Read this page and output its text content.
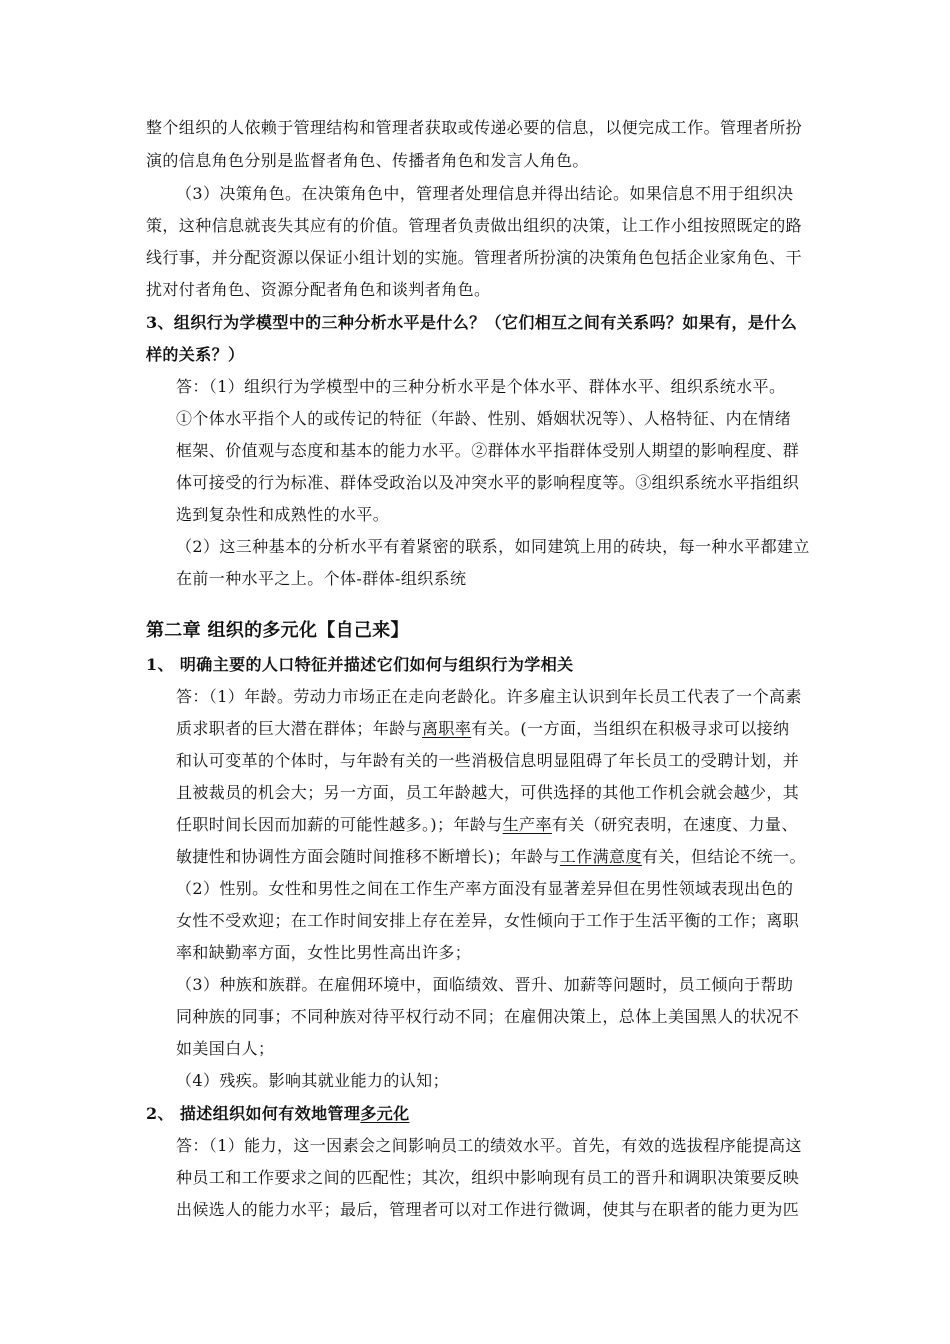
整个组织的人依赖于管理结构和管理者获取或传递必要的信息，以便完成工作。管理者所扮
演的信息角色分别是监督者角色、传播者角色和发言人角色。
（3）决策角色。在决策角色中，管理者处理信息并得出结论。如果信息不用于组织决
策，这种信息就丧失其应有的价值。管理者负责做出组织的决策，让工作小组按照既定的路
线行事，并分配资源以保证小组计划的实施。管理者所扮演的决策角色包括企业家角色、干
扰对付者角色、资源分配者角色和谈判者角色。
3、组织行为学模型中的三种分析水平是什么？（它们相互之间有关系吗？如果有，是什么
样的关系？）
答：（1）组织行为学模型中的三种分析水平是个体水平、群体水平、组织系统水平。
①个体水平指个人的或传记的特征（年龄、性别、婚姻状况等）、人格特征、内在情绪
框架、价值观与态度和基本的能力水平。②群体水平指群体受别人期望的影响程度、群
体可接受的行为标准、群体受政治以及冲突水平的影响程度等。③组织系统水平指组织
选到复杂性和成熟性的水平。
（2）这三种基本的分析水平有着紧密的联系，如同建筑上用的砖块，每一种水平都建立
在前一种水平之上。个体-群体-组织系统
第二章 组织的多元化【自己来】
1、 明确主要的人口特征并描述它们如何与组织行为学相关
答：（1）年龄。劳动力市场正在走向老龄化。许多雇主认识到年长员工代表了一个高素
质求职者的巨大潜在群体；年龄与离职率有关。(一方面，当组织在积极寻求可以接纳
和认可变革的个体时，与年龄有关的一些消极信息明显阻碍了年长员工的受聘计划，并
且被裁员的机会大；另一方面，员工年龄越大，可供选择的其他工作机会就会越少，其
任职时间长因而加薪的可能性越多。)；年龄与生产率有关（研究表明，在速度、力量、
敏捷性和协调性方面会随时间推移不断增长)；年龄与工作满意度有关，但结论不统一。
（2）性别。女性和男性之间在工作生产率方面没有显著差异但在男性领域表现出色的
女性不受欢迎；在工作时间安排上存在差异，女性倾向于工作于生活平衡的工作；离职
率和缺勤率方面，女性比男性高出许多；
（3）种族和族群。在雇佣环境中，面临绩效、晋升、加薪等问题时，员工倾向于帮助
同种族的同事；不同种族对待平权行动不同；在雇佣决策上，总体上美国黑人的状况不
如美国白人；
（4）残疾。影响其就业能力的认知；
2、 描述组织如何有效地管理多元化
答：（1）能力，这一因素会之间影响员工的绩效水平。首先，有效的选拔程序能提高这
种员工和工作要求之间的匹配性；其次，组织中影响现有员工的晋升和调职决策要反映
出候选人的能力水平；最后，管理者可以对工作进行微调，使其与在职者的能力更为匹
